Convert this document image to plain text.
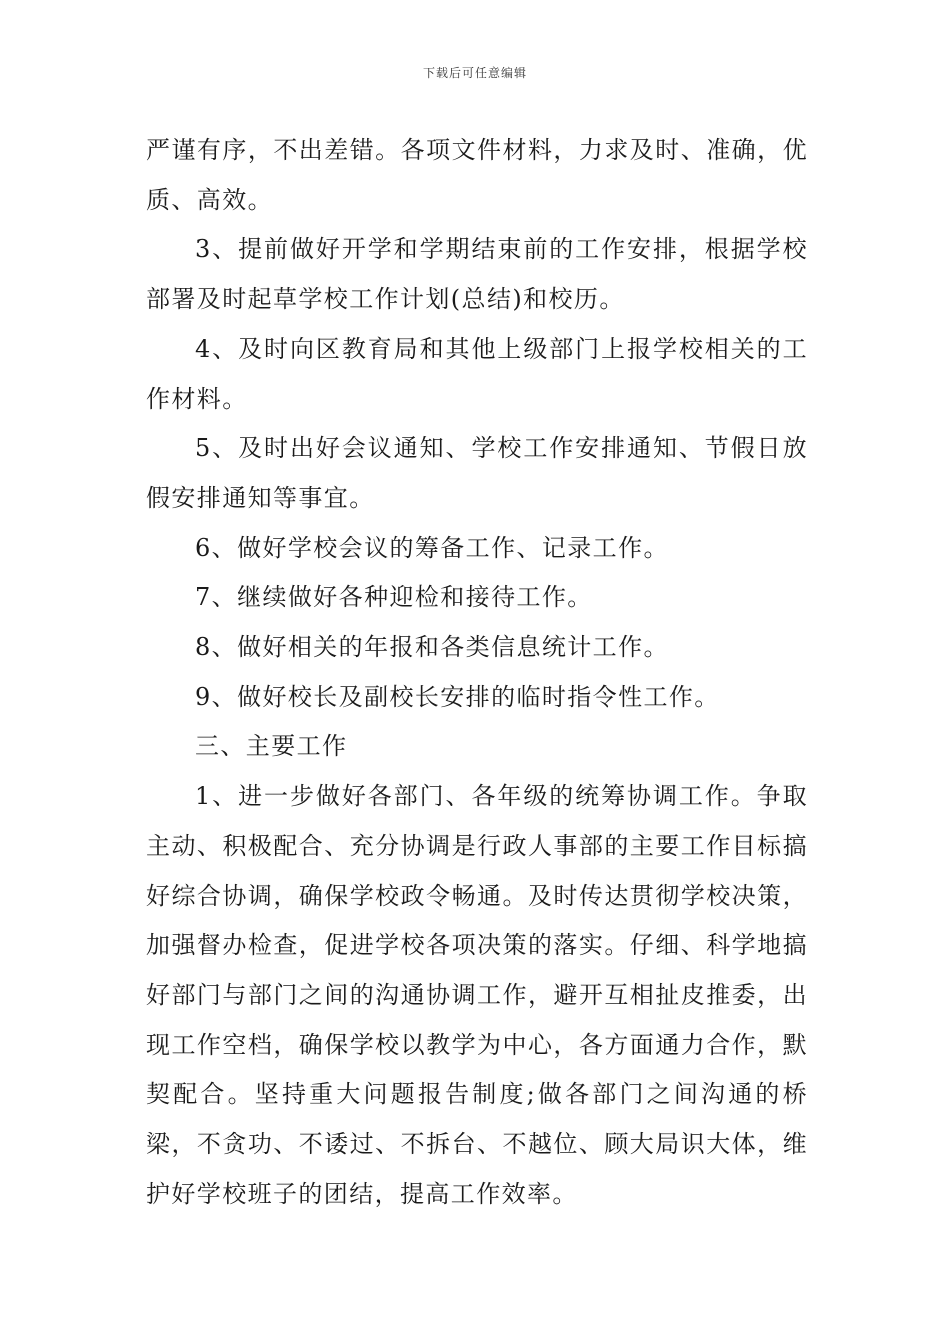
下载后可任意编辑

严谨有序，不出差错。各项文件材料，力求及时、准确，优质、高效。

3、提前做好开学和学期结束前的工作安排，根据学校部署及时起草学校工作计划(总结)和校历。

4、及时向区教育局和其他上级部门上报学校相关的工作材料。

5、及时出好会议通知、学校工作安排通知、节假日放假安排通知等事宜。

6、做好学校会议的筹备工作、记录工作。

7、继续做好各种迎检和接待工作。

8、做好相关的年报和各类信息统计工作。

9、做好校长及副校长安排的临时指令性工作。

三、主要工作

1、进一步做好各部门、各年级的统筹协调工作。争取主动、积极配合、充分协调是行政人事部的主要工作目标搞好综合协调，确保学校政令畅通。及时传达贯彻学校决策，加强督办检查，促进学校各项决策的落实。仔细、科学地搞好部门与部门之间的沟通协调工作，避开互相扯皮推委，出现工作空档，确保学校以教学为中心，各方面通力合作，默契配合。坚持重大问题报告制度;做各部门之间沟通的桥梁，不贪功、不诿过、不拆台、不越位、顾大局识大体，维护好学校班子的团结，提高工作效率。
